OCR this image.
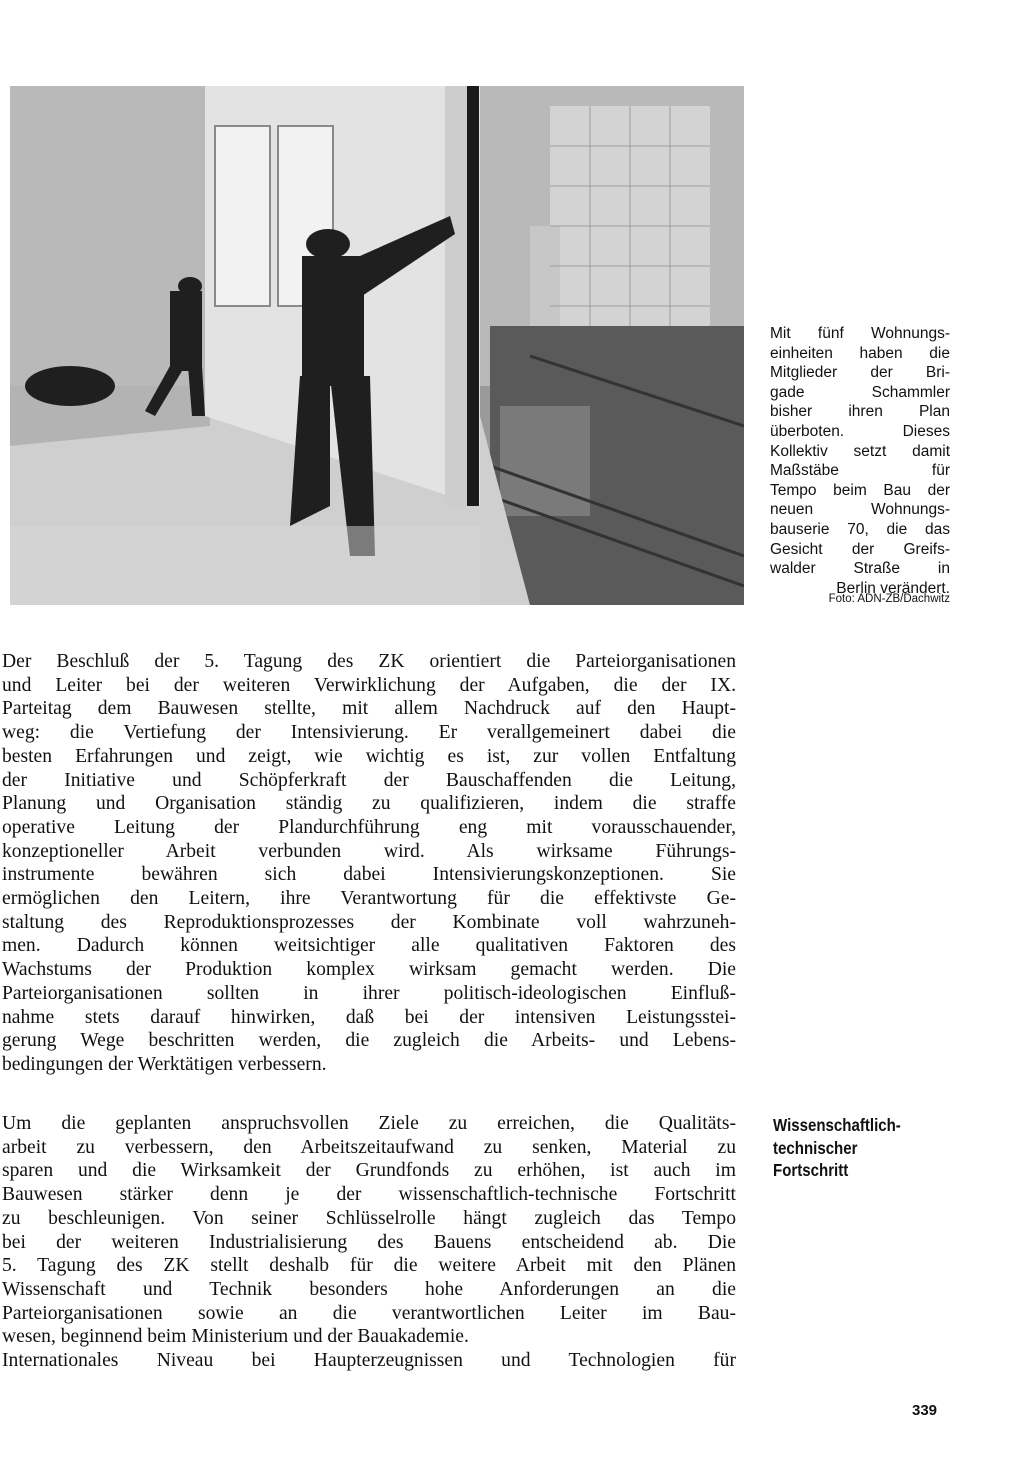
Mit fünf Wohnungs-
einheiten haben die
Mitglieder der Bri-
gade Schammler
bisher ihren Plan
überboten. Dieses
Kollektiv setzt damit
Maßstäbe für
Tempo beim Bau der
neuen Wohnungs-
bauserie 70, die das
Gesicht der Greifs-
walder Straße in
Berlin verändert.

Foto: ADN-ZB/Dachwitz
Der Beschluß der 5. Tagung des ZK orientiert die Parteiorganisationen
und Leiter bei der weiteren Verwirklichung der Aufgaben, die der IX.
Parteitag dem Bauwesen stellte, mit allem Nachdruck auf den Haupt-
weg: die Vertiefung der Intensivierung. Er verallgemeinert dabei die
besten Erfahrungen und zeigt, wie wichtig es ist, zur vollen Entfaltung
der Initiative und Schöpferkraft der Bauschaffenden die Leitung,
Planung und Organisation ständig zu qualifizieren, indem die straffe
operative Leitung der Plandurchführung eng mit vorausschauender,
konzeptioneller Arbeit verbunden wird. Als wirksame Führungs-
instrumente bewähren sich dabei Intensivierungskonzeptionen. Sie
ermöglichen den Leitern, ihre Verantwortung für die effektivste Ge-
staltung des Reproduktionsprozesses der Kombinate voll wahrzuneh-
men. Dadurch können weitsichtiger alle qualitativen Faktoren des
Wachstums der Produktion komplex wirksam gemacht werden. Die
Parteiorganisationen sollten in ihrer politisch-ideologischen Einfluß-
nahme stets darauf hinwirken, daß bei der intensiven Leistungsstei-
gerung Wege beschritten werden, die zugleich die Arbeits- und Lebens-
bedingungen der Werktätigen verbessern.
Wissenschaftlich-
technischer
Fortschritt
Um die geplanten anspruchsvollen Ziele zu erreichen, die Qualitäts-
arbeit zu verbessern, den Arbeitszeitaufwand zu senken, Material zu
sparen und die Wirksamkeit der Grundfonds zu erhöhen, ist auch im
Bauwesen stärker denn je der wissenschaftlich-technische Fortschritt
zu beschleunigen. Von seiner Schlüsselrolle hängt zugleich das Tempo
bei der weiteren Industrialisierung des Bauens entscheidend ab. Die
5. Tagung des ZK stellt deshalb für die weitere Arbeit mit den Plänen
Wissenschaft und Technik besonders hohe Anforderungen an die
Parteiorganisationen sowie an die verantwortlichen Leiter im Bau-
wesen, beginnend beim Ministerium und der Bauakademie.
Internationales Niveau bei Haupterzeugnissen und Technologien für
339
